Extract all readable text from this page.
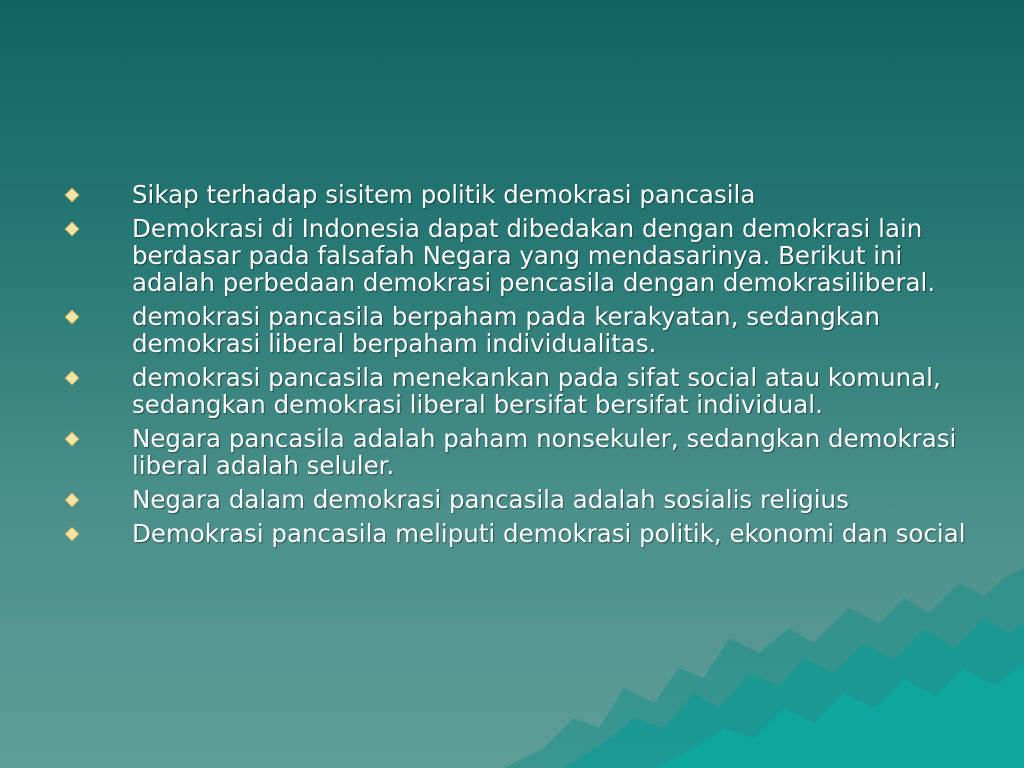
Sikap terhadap sisitem politik demokrasi pancasila
Demokrasi di Indonesia dapat dibedakan dengan demokrasi lain berdasar pada falsafah Negara yang mendasarinya. Berikut ini adalah perbedaan demokrasi pencasila dengan demokrasiliberal.
demokrasi pancasila berpaham pada kerakyatan, sedangkan demokrasi liberal berpaham individualitas.
demokrasi pancasila menekankan pada sifat social atau komunal, sedangkan demokrasi liberal bersifat bersifat individual.
Negara pancasila adalah paham nonsekuler, sedangkan demokrasi liberal adalah seluler.
Negara dalam demokrasi pancasila adalah sosialis religius
Demokrasi pancasila meliputi demokrasi politik, ekonomi dan social
